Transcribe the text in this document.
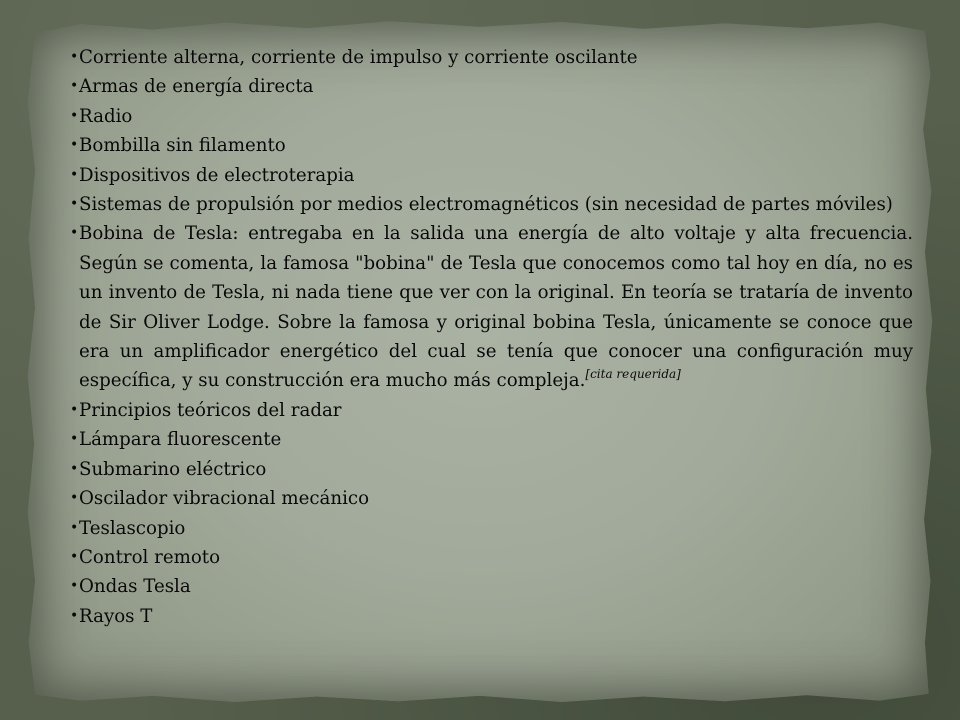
• Corriente alterna, corriente de impulso y corriente oscilante
• Armas de energía directa
• Radio
• Bombilla sin filamento
• Dispositivos de electroterapia
• Sistemas de propulsión por medios electromagnéticos (sin necesidad de partes móviles)
• Bobina de Tesla: entregaba en la salida una energía de alto voltaje y alta frecuencia. Según se comenta, la famosa "bobina" de Tesla que conocemos como tal hoy en día, no es un invento de Tesla, ni nada tiene que ver con la original. En teoría se trataría de invento de Sir Oliver Lodge. Sobre la famosa y original bobina Tesla, únicamente se conoce que era un amplificador energético del cual se tenía que conocer una configuración muy específica, y su construcción era mucho más compleja.[cita requerida]
• Principios teóricos del radar
• Lámpara fluorescente
• Submarino eléctrico
• Oscilador vibracional mecánico
• Teslascopio
• Control remoto
• Ondas Tesla
• Rayos T
